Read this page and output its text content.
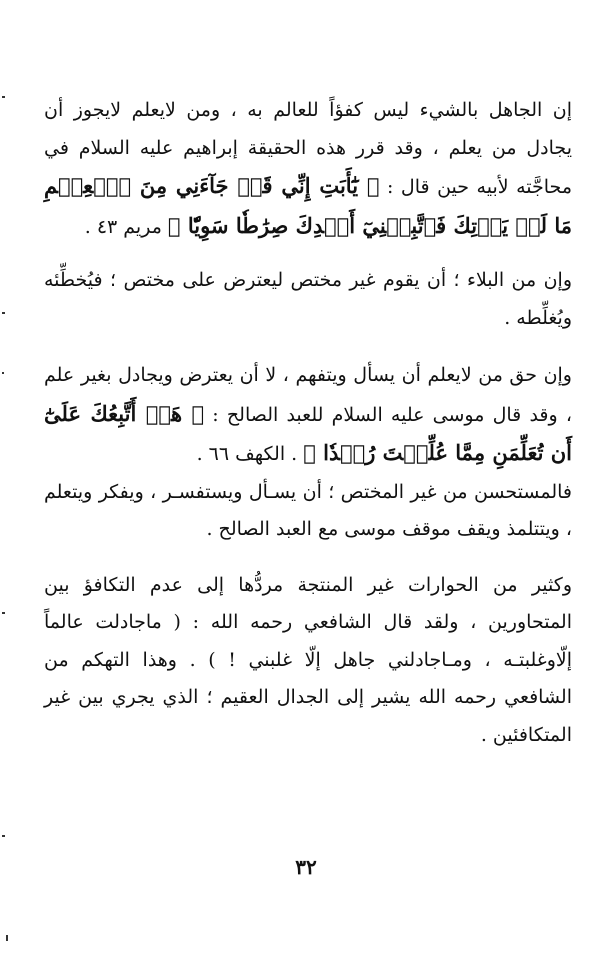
إن الجاهل بالشيء ليس كفؤاً للعالم به ، ومن لايعلم لايجوز أن يجادل من يعلم ، وقد قرر هذه الحقيقة إبراهيم عليه السلام في محاجَّته لأبيه حين قال : ﴿ يَٰٓأَبَتِ إِنِّي قَدۡ جَآءَنِي مِنَ ٱلۡعِلۡمِ مَا لَمۡ يَأۡتِكَ فَٱتَّبِعۡنِيٓ أَهۡدِكَ صِرَٰطٗا سَوِيّٗا ﴾ مريم ٤٣ .

وإن من البلاء ؛ أن يقوم غير مختص ليعترض على مختص ؛ فيُخطِّئه ويُغلِّطه .

وإن حق من لايعلم أن يسأل ويتفهم ، لا أن يعترض ويجادل بغير علم ، وقد قال موسى عليه السلام للعبد الصالح : ﴿ هَلۡ أَتَّبِعُكَ عَلَىٰٓ أَن تُعَلِّمَنِ مِمَّا عُلِّمۡتَ رُشۡدٗا ﴾ . الكهف ٦٦ .

فالمستحسن من غير المختص ؛ أن يسـأل ويستفسـر ، ويفكر ويتعلم ، ويتتلمذ ويقف موقف موسى مع العبد الصالح .

وكثير من الحوارات غير المنتجة مردُّها إلى عدم التكافؤ بين المتحاورين ، ولقد قال الشافعي رحمه الله : ( ماجادلت عالماً إلّاوغلبتـه ، ومـاجادلني جاهل إلّا غلبني ! ) . وهذا التهكم من الشافعي رحمه الله يشير إلى الجدال العقيم ؛ الذي يجري بين غير المتكافئين .

٣٢
